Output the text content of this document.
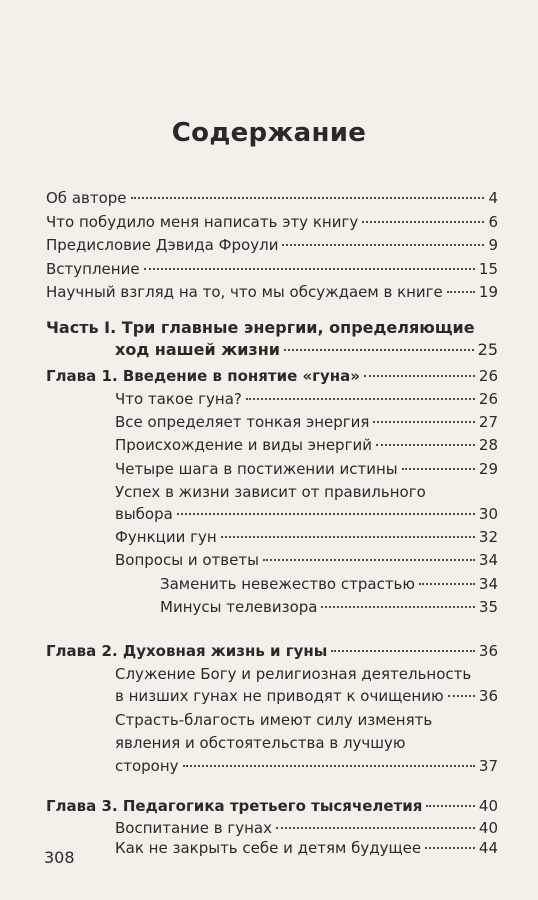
Содержание
Об авторе	4
Что побудило меня написать эту книгу	6
Предисловие Дэвида Фроули	9
Вступление	15
Научный взгляд на то, что мы обсуждаем в книге 19
Часть I. Три главные энергии, определяющие
ход нашей жизни	25
Глава 1. Введение в понятие «гуна»	26
Что такое гуна?	26
Все определяет тонкая энергия	27
Происхождение и виды энергий	28
Четыре шага в постижении истины	29
Успех в жизни зависит от правильного
выбора	30
Функции гун	32
Вопросы и ответы	34
Заменить невежество страстью	34
Минусы телевизора	35
Глава 2. Духовная жизнь и гуны	36
Служение Богу и религиозная деятельность
в низших гунах не приводят к очищению 36
Страсть-благость имеют силу изменять
явления и обстоятельства в лучшую
сторону	37
Глава 3. Педагогика третьего тысячелетия	40
Воспитание в гунах	40
Как не закрыть себе и детям будущее	44
308
